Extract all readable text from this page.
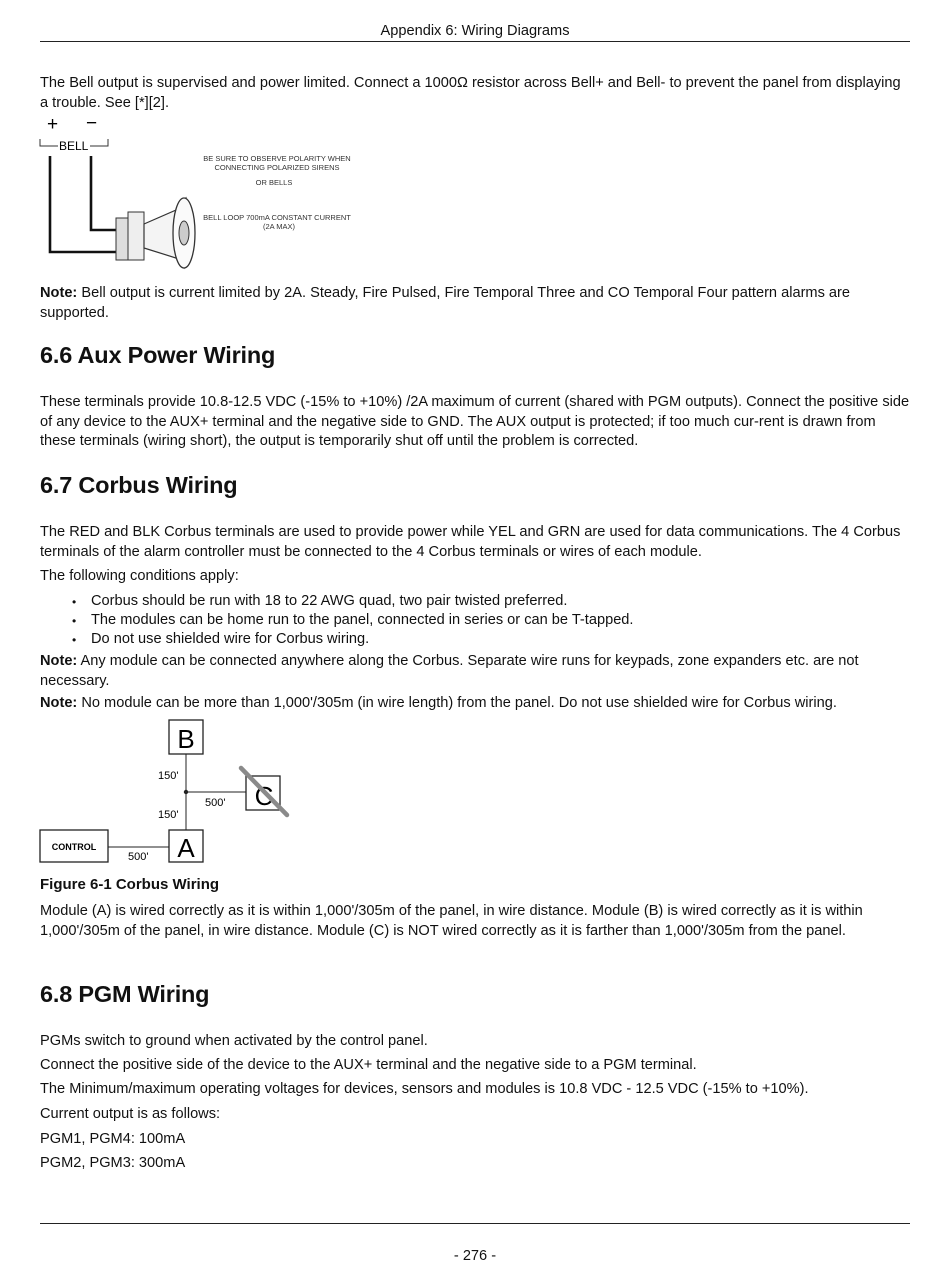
Appendix 6: Wiring Diagrams

The Bell output is supervised and power limited. Connect a 1000Ω resistor across Bell+ and Bell- to prevent the panel from displaying a trouble. See [*][2].

+ −
BELL
BE SURE TO OBSERVE POLARITY WHEN
CONNECTING POLARIZED SIRENS
OR BELLS
BELL LOOP 700mA CONSTANT CURRENT
(2A MAX)

Note: Bell output is current limited by 2A. Steady, Fire Pulsed, Fire Temporal Three and CO Temporal Four pattern alarms are supported.

6.6 Aux Power Wiring

These terminals provide 10.8-12.5 VDC (-15% to +10%) /2A maximum of current (shared with PGM outputs). Connect the positive side of any device to the AUX+ terminal and the negative side to GND. The AUX output is protected; if too much cur-rent is drawn from these terminals (wiring short), the output is temporarily shut off until the problem is corrected.

6.7 Corbus Wiring

The RED and BLK Corbus terminals are used to provide power while YEL and GRN are used for data communications. The 4 Corbus terminals of the alarm controller must be connected to the 4 Corbus terminals or wires of each module.

The following conditions apply:

• Corbus should be run with 18 to 22 AWG quad, two pair twisted preferred.
• The modules can be home run to the panel, connected in series or can be T-tapped.
• Do not use shielded wire for Corbus wiring.

Note: Any module can be connected anywhere along the Corbus. Separate wire runs for keypads, zone expanders etc. are not necessary.

Note: No module can be more than 1,000'/305m (in wire length) from the panel. Do not use shielded wire for Corbus wiring.

B
C
A
CONTROL
150'
150'
500'
500'
Figure 6-1 Corbus Wiring

Module (A) is wired correctly as it is within 1,000'/305m of the panel, in wire distance. Module (B) is wired correctly as it is within 1,000'/305m of the panel, in wire distance. Module (C) is NOT wired correctly as it is farther than 1,000'/305m from the panel.

6.8 PGM Wiring

PGMs switch to ground when activated by the control panel.

Connect the positive side of the device to the AUX+ terminal and the negative side to a PGM terminal.

The Minimum/maximum operating voltages for devices, sensors and modules is 10.8 VDC - 12.5 VDC (-15% to +10%).

Current output is as follows:

PGM1, PGM4: 100mA

PGM2, PGM3: 300mA

- 276 -
